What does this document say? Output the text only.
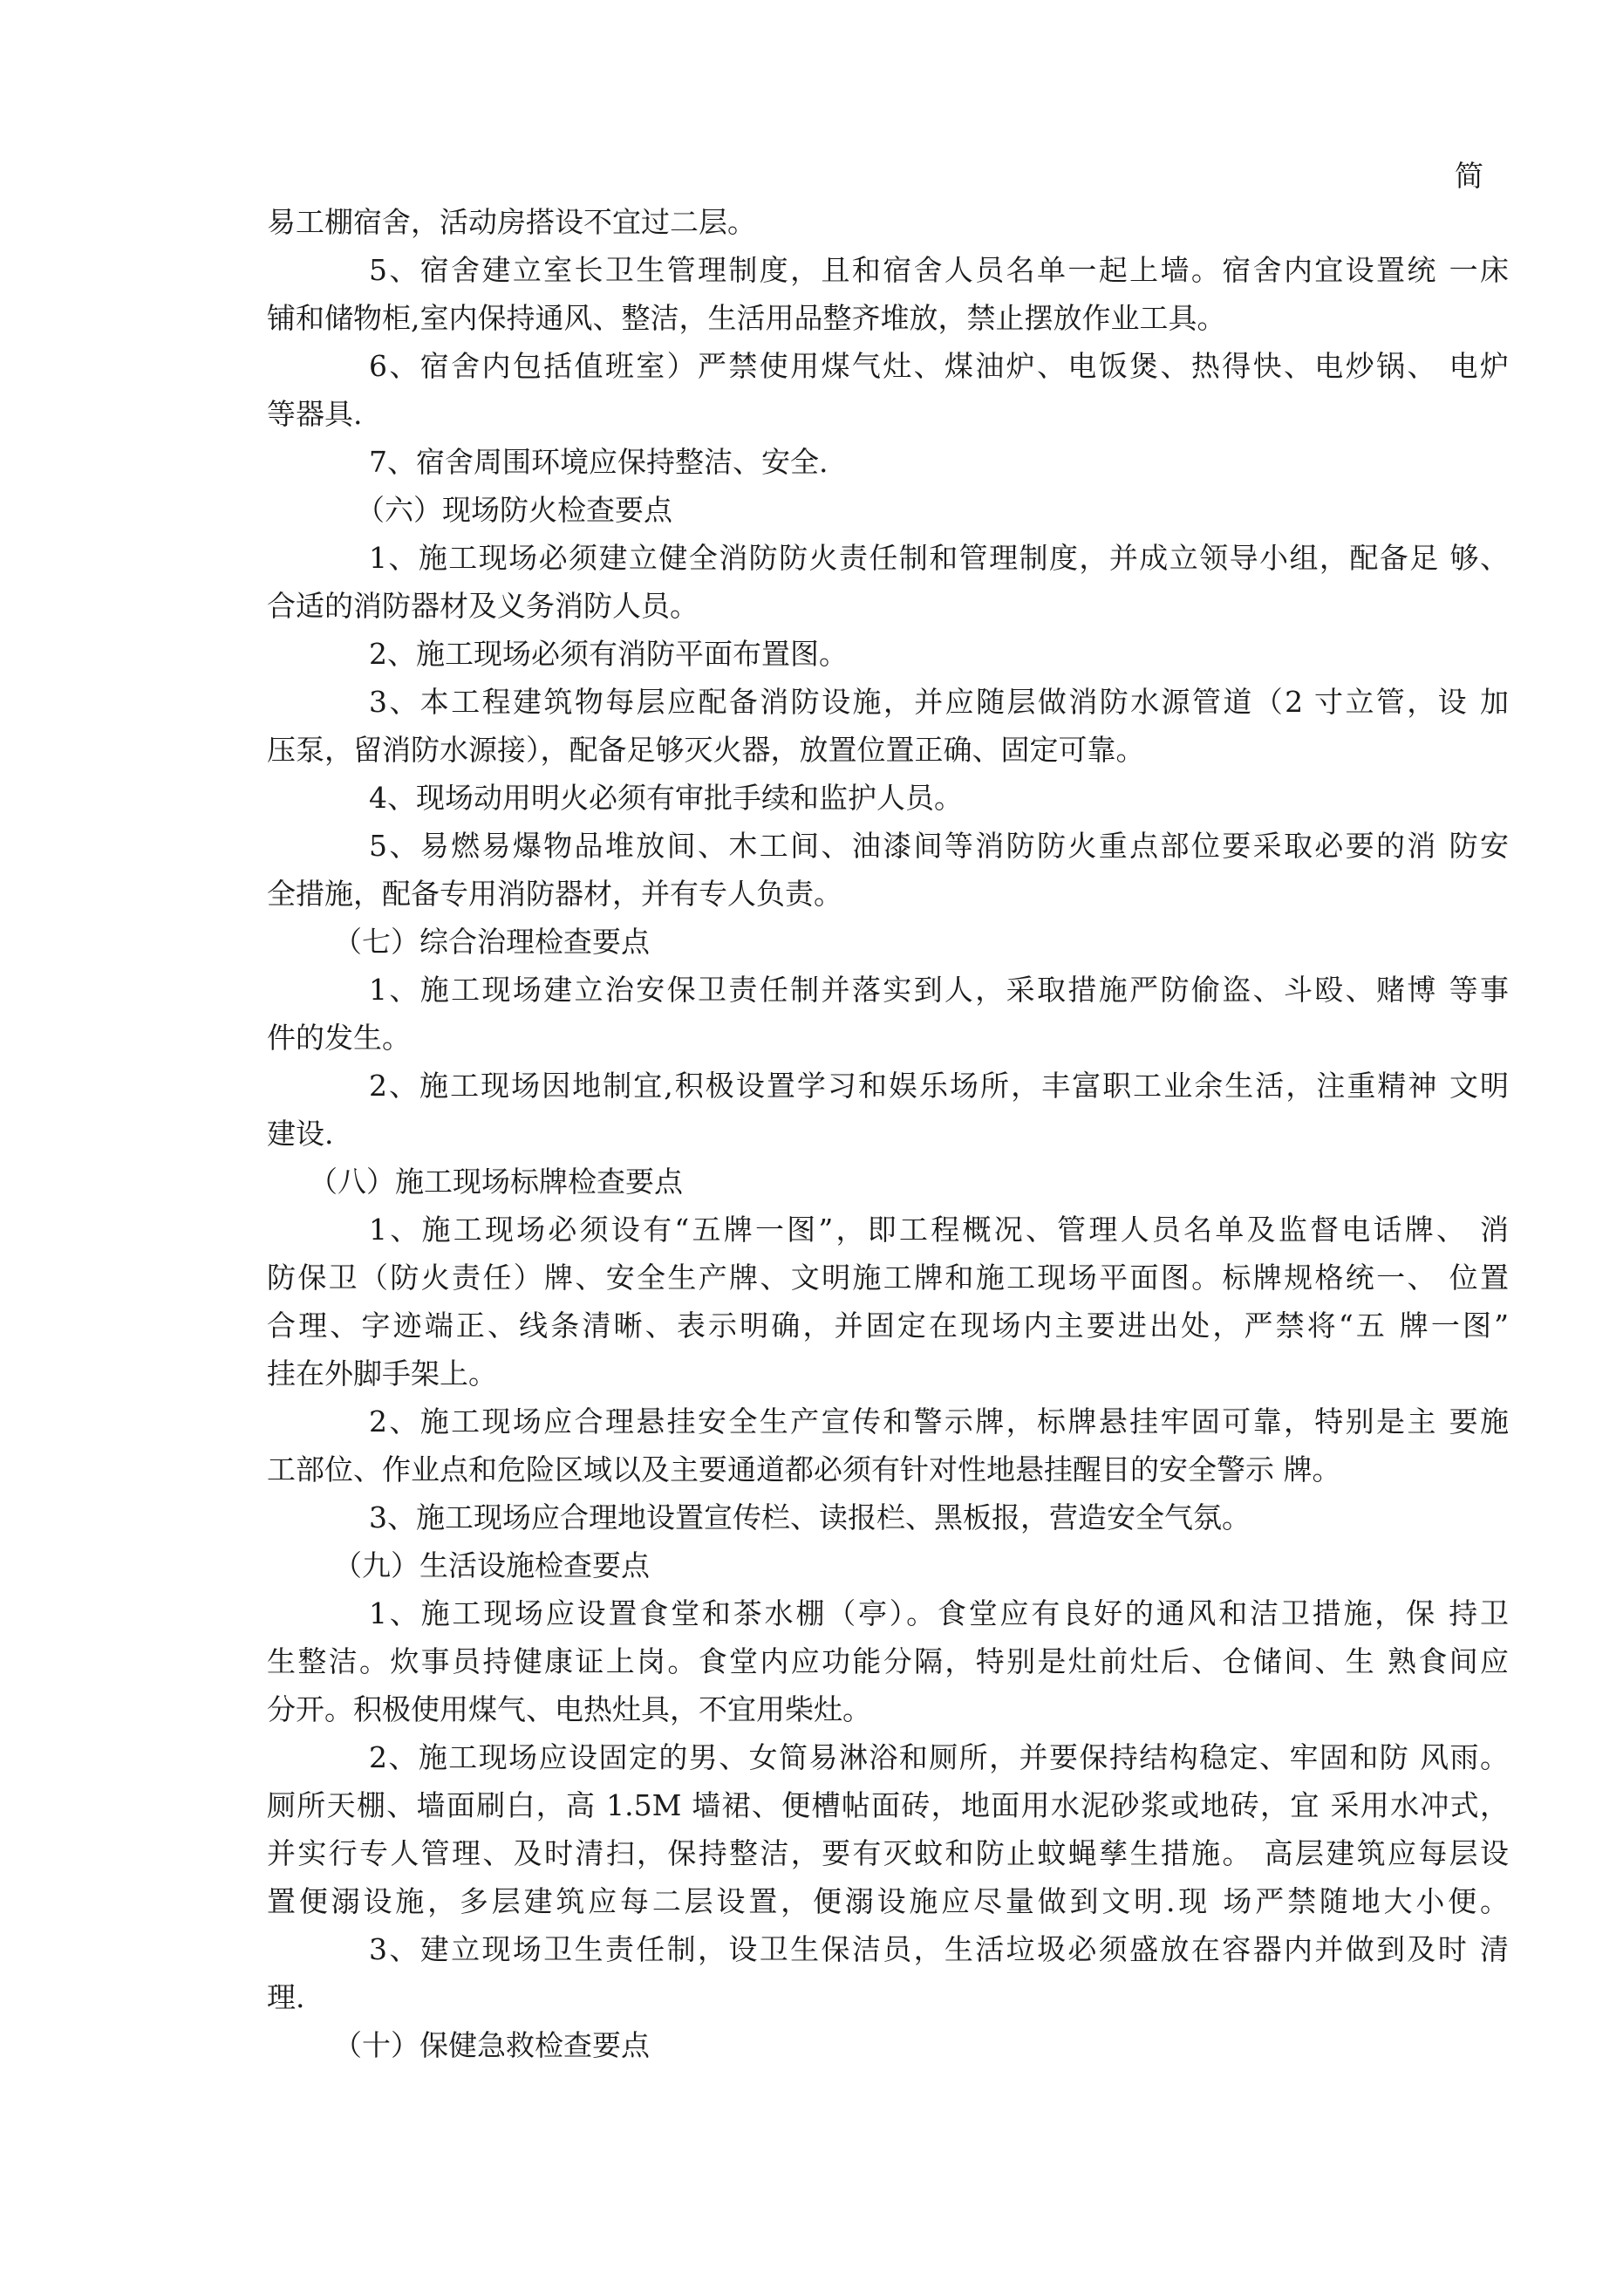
简
易工棚宿舍，活动房搭设不宜过二层。
5、宿舍建立室长卫生管理制度，且和宿舍人员名单一起上墙。宿舍内宜设置统 一床
铺和储物柜,室内保持通风、整洁，生活用品整齐堆放，禁止摆放作业工具。
6、宿舍内包括值班室）严禁使用煤气灶、煤油炉、电饭煲、热得快、电炒锅、 电炉
等器具.
7、宿舍周围环境应保持整洁、安全.
（六）现场防火检查要点
1、施工现场必须建立健全消防防火责任制和管理制度，并成立领导小组，配备足 够、
合适的消防器材及义务消防人员。
2、施工现场必须有消防平面布置图。
3、本工程建筑物每层应配备消防设施，并应随层做消防水源管道（2 寸立管，设 加
压泵，留消防水源接），配备足够灭火器，放置位置正确、固定可靠。
4、现场动用明火必须有审批手续和监护人员。
5、易燃易爆物品堆放间、木工间、油漆间等消防防火重点部位要采取必要的消 防安
全措施，配备专用消防器材，并有专人负责。
（七）综合治理检查要点
1、施工现场建立治安保卫责任制并落实到人，采取措施严防偷盗、斗殴、赌博 等事
件的发生。
2、施工现场因地制宜,积极设置学习和娱乐场所，丰富职工业余生活，注重精神 文明
建设.
（八）施工现场标牌检查要点
1、施工现场必须设有“五牌一图”，即工程概况、管理人员名单及监督电话牌、 消
防保卫（防火责任）牌、安全生产牌、文明施工牌和施工现场平面图。标牌规格统一、 位置
合理、字迹端正、线条清晰、表示明确，并固定在现场内主要进出处，严禁将“五 牌一图”
挂在外脚手架上。
2、施工现场应合理悬挂安全生产宣传和警示牌，标牌悬挂牢固可靠，特别是主 要施
工部位、作业点和危险区域以及主要通道都必须有针对性地悬挂醒目的安全警示 牌。
3、施工现场应合理地设置宣传栏、读报栏、黑板报，营造安全气氛。
（九）生活设施检查要点
1、施工现场应设置食堂和茶水棚（亭）。食堂应有良好的通风和洁卫措施，保 持卫
生整洁。炊事员持健康证上岗。食堂内应功能分隔，特别是灶前灶后、仓储间、生 熟食间应
分开。积极使用煤气、电热灶具，不宜用柴灶。
2、施工现场应设固定的男、女简易淋浴和厕所，并要保持结构稳定、牢固和防 风雨。
厕所天棚、墙面刷白，高 1.5M 墙裙、便槽帖面砖，地面用水泥砂浆或地砖，宜 采用水冲式，
并实行专人管理、及时清扫，保持整洁，要有灭蚊和防止蚊蝇孳生措施。 高层建筑应每层设
置便溺设施，多层建筑应每二层设置，便溺设施应尽量做到文明.现 场严禁随地大小便。
3、建立现场卫生责任制，设卫生保洁员，生活垃圾必须盛放在容器内并做到及时 清
理.
（十）保健急救检查要点
